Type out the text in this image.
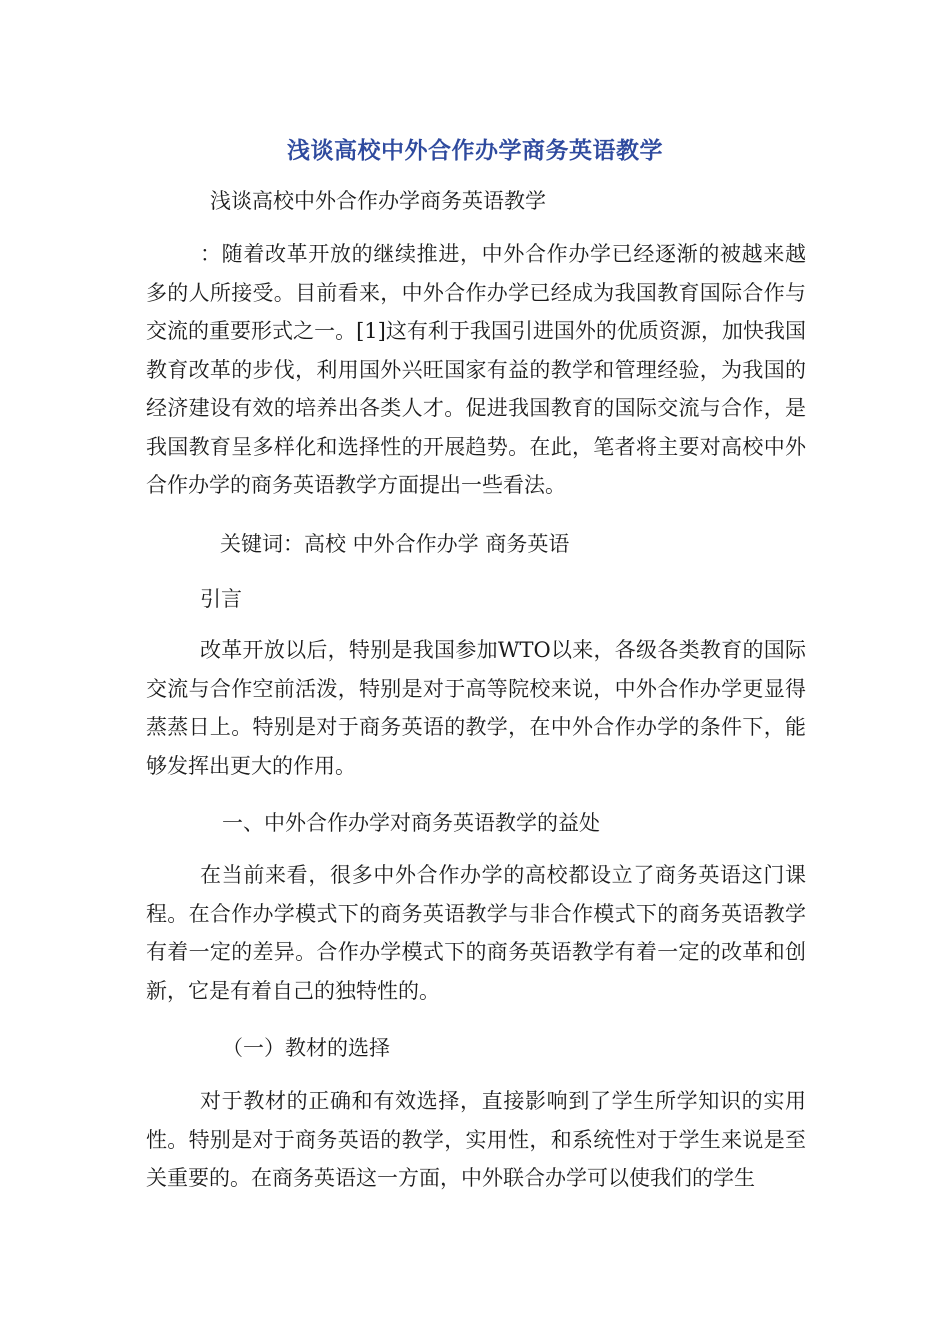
浅谈高校中外合作办学商务英语教学

浅谈高校中外合作办学商务英语教学

：随着改革开放的继续推进，中外合作办学已经逐渐的被越来越多的人所接受。目前看来，中外合作办学已经成为我国教育国际合作与交流的重要形式之一。[1]这有利于我国引进国外的优质资源，加快我国教育改革的步伐，利用国外兴旺国家有益的教学和管理经验，为我国的经济建设有效的培养出各类人才。促进我国教育的国际交流与合作，是我国教育呈多样化和选择性的开展趋势。在此，笔者将主要对高校中外合作办学的商务英语教学方面提出一些看法。

关键词：高校 中外合作办学 商务英语

引言

改革开放以后，特别是我国参加WTO以来，各级各类教育的国际交流与合作空前活泼，特别是对于高等院校来说，中外合作办学更显得蒸蒸日上。特别是对于商务英语的教学，在中外合作办学的条件下，能够发挥出更大的作用。

一、中外合作办学对商务英语教学的益处

在当前来看，很多中外合作办学的高校都设立了商务英语这门课程。在合作办学模式下的商务英语教学与非合作模式下的商务英语教学有着一定的差异。合作办学模式下的商务英语教学有着一定的改革和创新，它是有着自己的独特性的。

（一）教材的选择

对于教材的正确和有效选择，直接影响到了学生所学知识的实用性。特别是对于商务英语的教学，实用性，和系统性对于学生来说是至关重要的。在商务英语这一方面，中外联合办学可以使我们的学生
